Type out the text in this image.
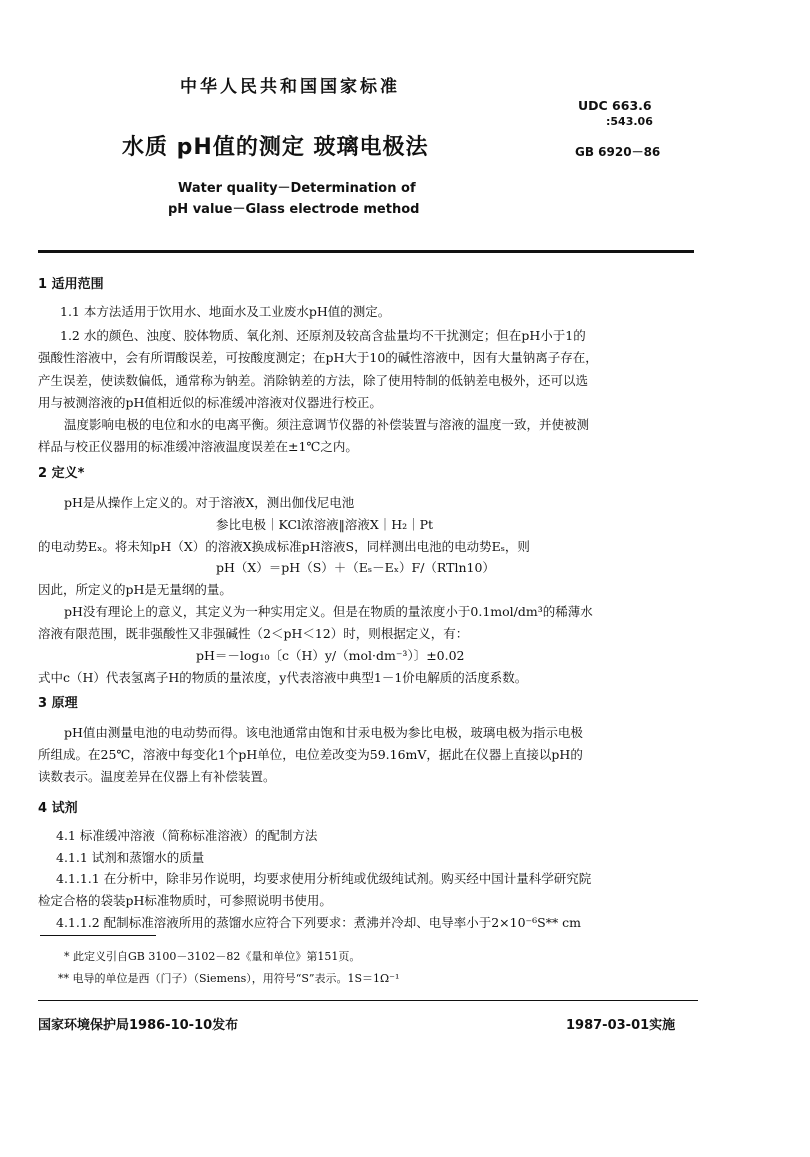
中华人民共和国国家标准
UDC 663.6
:543.06
水质 pH值的测定 玻璃电极法	GB 6920－86
Water quality－Determination of
pH value－Glass electrode method
1 适用范围
1.1 本方法适用于饮用水、地面水及工业废水pH值的测定。
1.2 水的颜色、浊度、胶体物质、氧化剂、还原剂及较高含盐量均不干扰测定；但在pH小于1的
强酸性溶液中，会有所谓酸误差，可按酸度测定；在pH大于10的碱性溶液中，因有大量钠离子存在，
产生误差，使读数偏低，通常称为钠差。消除钠差的方法，除了使用特制的低钠差电极外，还可以选
用与被测溶液的pH值相近似的标准缓冲溶液对仪器进行校正。
温度影响电极的电位和水的电离平衡。须注意调节仪器的补偿装置与溶液的温度一致，并使被测
样品与校正仪器用的标准缓冲溶液温度误差在±1℃之内。
2 定义*
pH是从操作上定义的。对于溶液X，测出伽伐尼电池
参比电极｜KCl浓溶液‖溶液X｜H₂｜Pt
的电动势Eₓ。将未知pH（X）的溶液X换成标准pH溶液S，同样测出电池的电动势Eₛ，则
pH（X）＝pH（S）＋（Eₛ－Eₓ）F/（RTln10）
因此，所定义的pH是无量纲的量。
pH没有理论上的意义，其定义为一种实用定义。但是在物质的量浓度小于0.1mol/dm³的稀薄水
溶液有限范围，既非强酸性又非强碱性（2＜pH＜12）时，则根据定义，有：
pH＝－log₁₀〔c（H）y/（mol·dm⁻³）〕±0.02
式中c（H）代表氢离子H的物质的量浓度，y代表溶液中典型1－1价电解质的活度系数。
3 原理
pH值由测量电池的电动势而得。该电池通常由饱和甘汞电极为参比电极，玻璃电极为指示电极
所组成。在25℃，溶液中每变化1个pH单位，电位差改变为59.16mV，据此在仪器上直接以pH的
读数表示。温度差异在仪器上有补偿装置。
4 试剂
4.1 标准缓冲溶液（简称标准溶液）的配制方法
4.1.1 试剂和蒸馏水的质量
4.1.1.1 在分析中，除非另作说明，均要求使用分析纯或优级纯试剂。购买经中国计量科学研究院
检定合格的袋装pH标准物质时，可参照说明书使用。
4.1.1.2 配制标准溶液所用的蒸馏水应符合下列要求：煮沸并冷却、电导率小于2×10⁻⁶S** cm
* 此定义引自GB 3100－3102－82《量和单位》第151页。
** 电导的单位是西（门子）（Siemens），用符号“S”表示。1S＝1Ω⁻¹
国家环境保护局1986-10-10发布	1987-03-01实施
